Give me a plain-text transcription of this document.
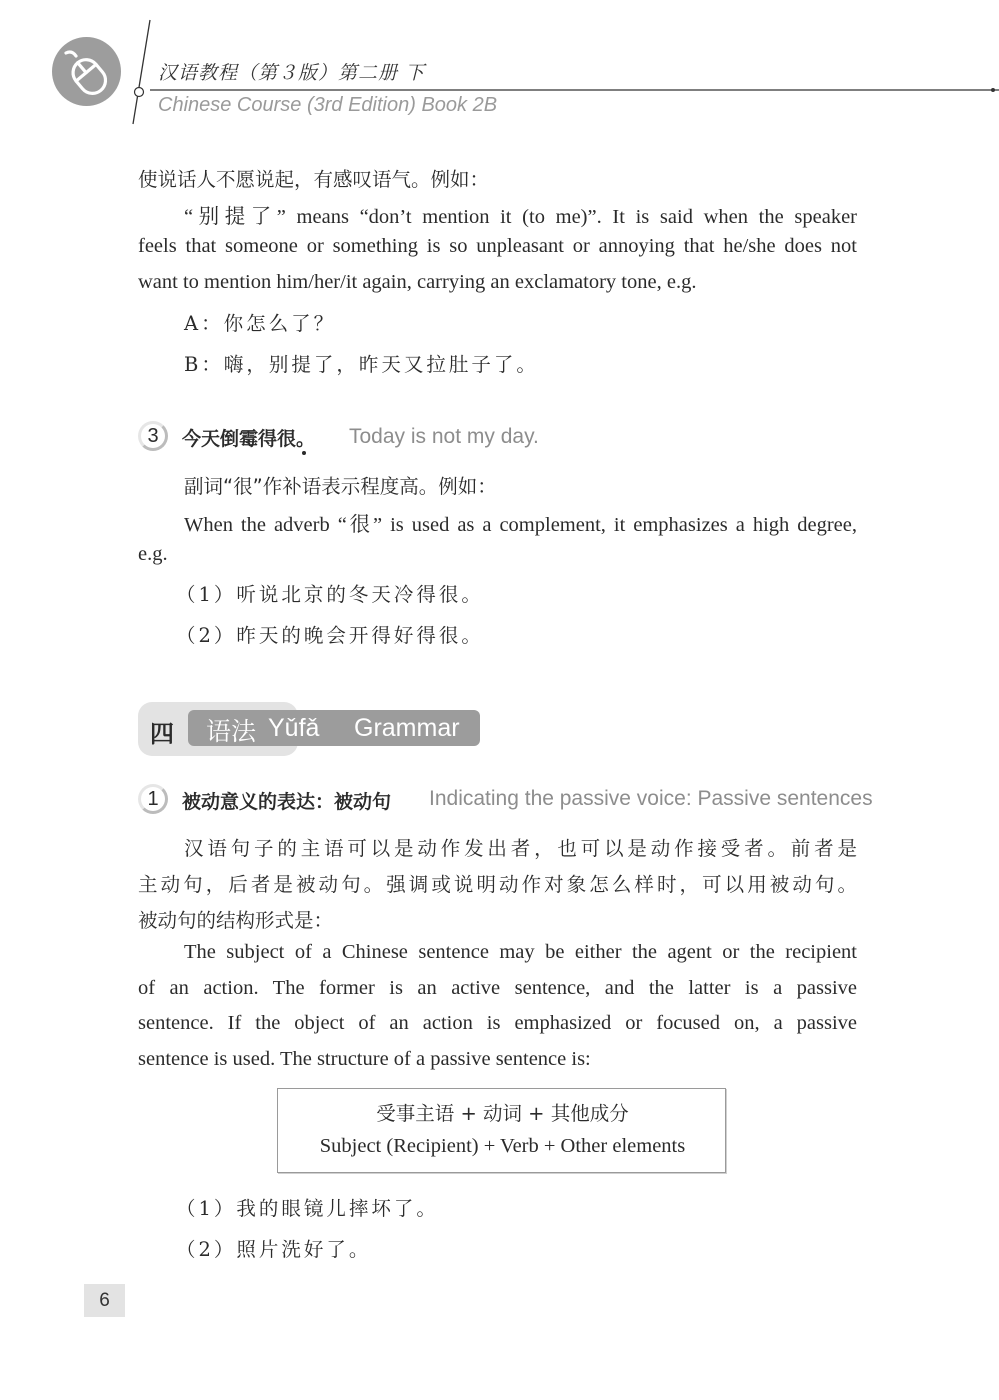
汉语教程（第３版）第二册 下
Chinese Course (3rd Edition) Book 2B
使说话人不愿说起，有感叹语气。例如：
“别提了” means “don’t mention it (to me)”. It is said when the speaker
feels that someone or something is so unpleasant or annoying that he/she does not
want to mention him/her/it again, carrying an exclamatory tone, e.g.
A：你怎么了？
B：嗨，别提了，昨天又拉肚子了。
3	今天倒霉得很。 Today is not my day.
副词“很”作补语表示程度高。例如：
When the adverb “很” is used as a complement, it emphasizes a high degree,
e.g.
（1）听说北京的冬天冷得很。
（2）昨天的晚会开得好得很。
四 语法 Yǔfǎ Grammar
1	被动意义的表达：被动句 Indicating the passive voice: Passive sentences
汉语句子的主语可以是动作发出者，也可以是动作接受者。前者是
主动句，后者是被动句。强调或说明动作对象怎么样时，可以用被动句。
被动句的结构形式是：
The subject of a Chinese sentence may be either the agent or the recipient
of an action. The former is an active sentence, and the latter is a passive
sentence. If the object of an action is emphasized or focused on, a passive
sentence is used. The structure of a passive sentence is:
受事主语 + 动词 + 其他成分
Subject (Recipient) + Verb + Other elements
（1）我的眼镜儿摔坏了。
（2）照片洗好了。
6
